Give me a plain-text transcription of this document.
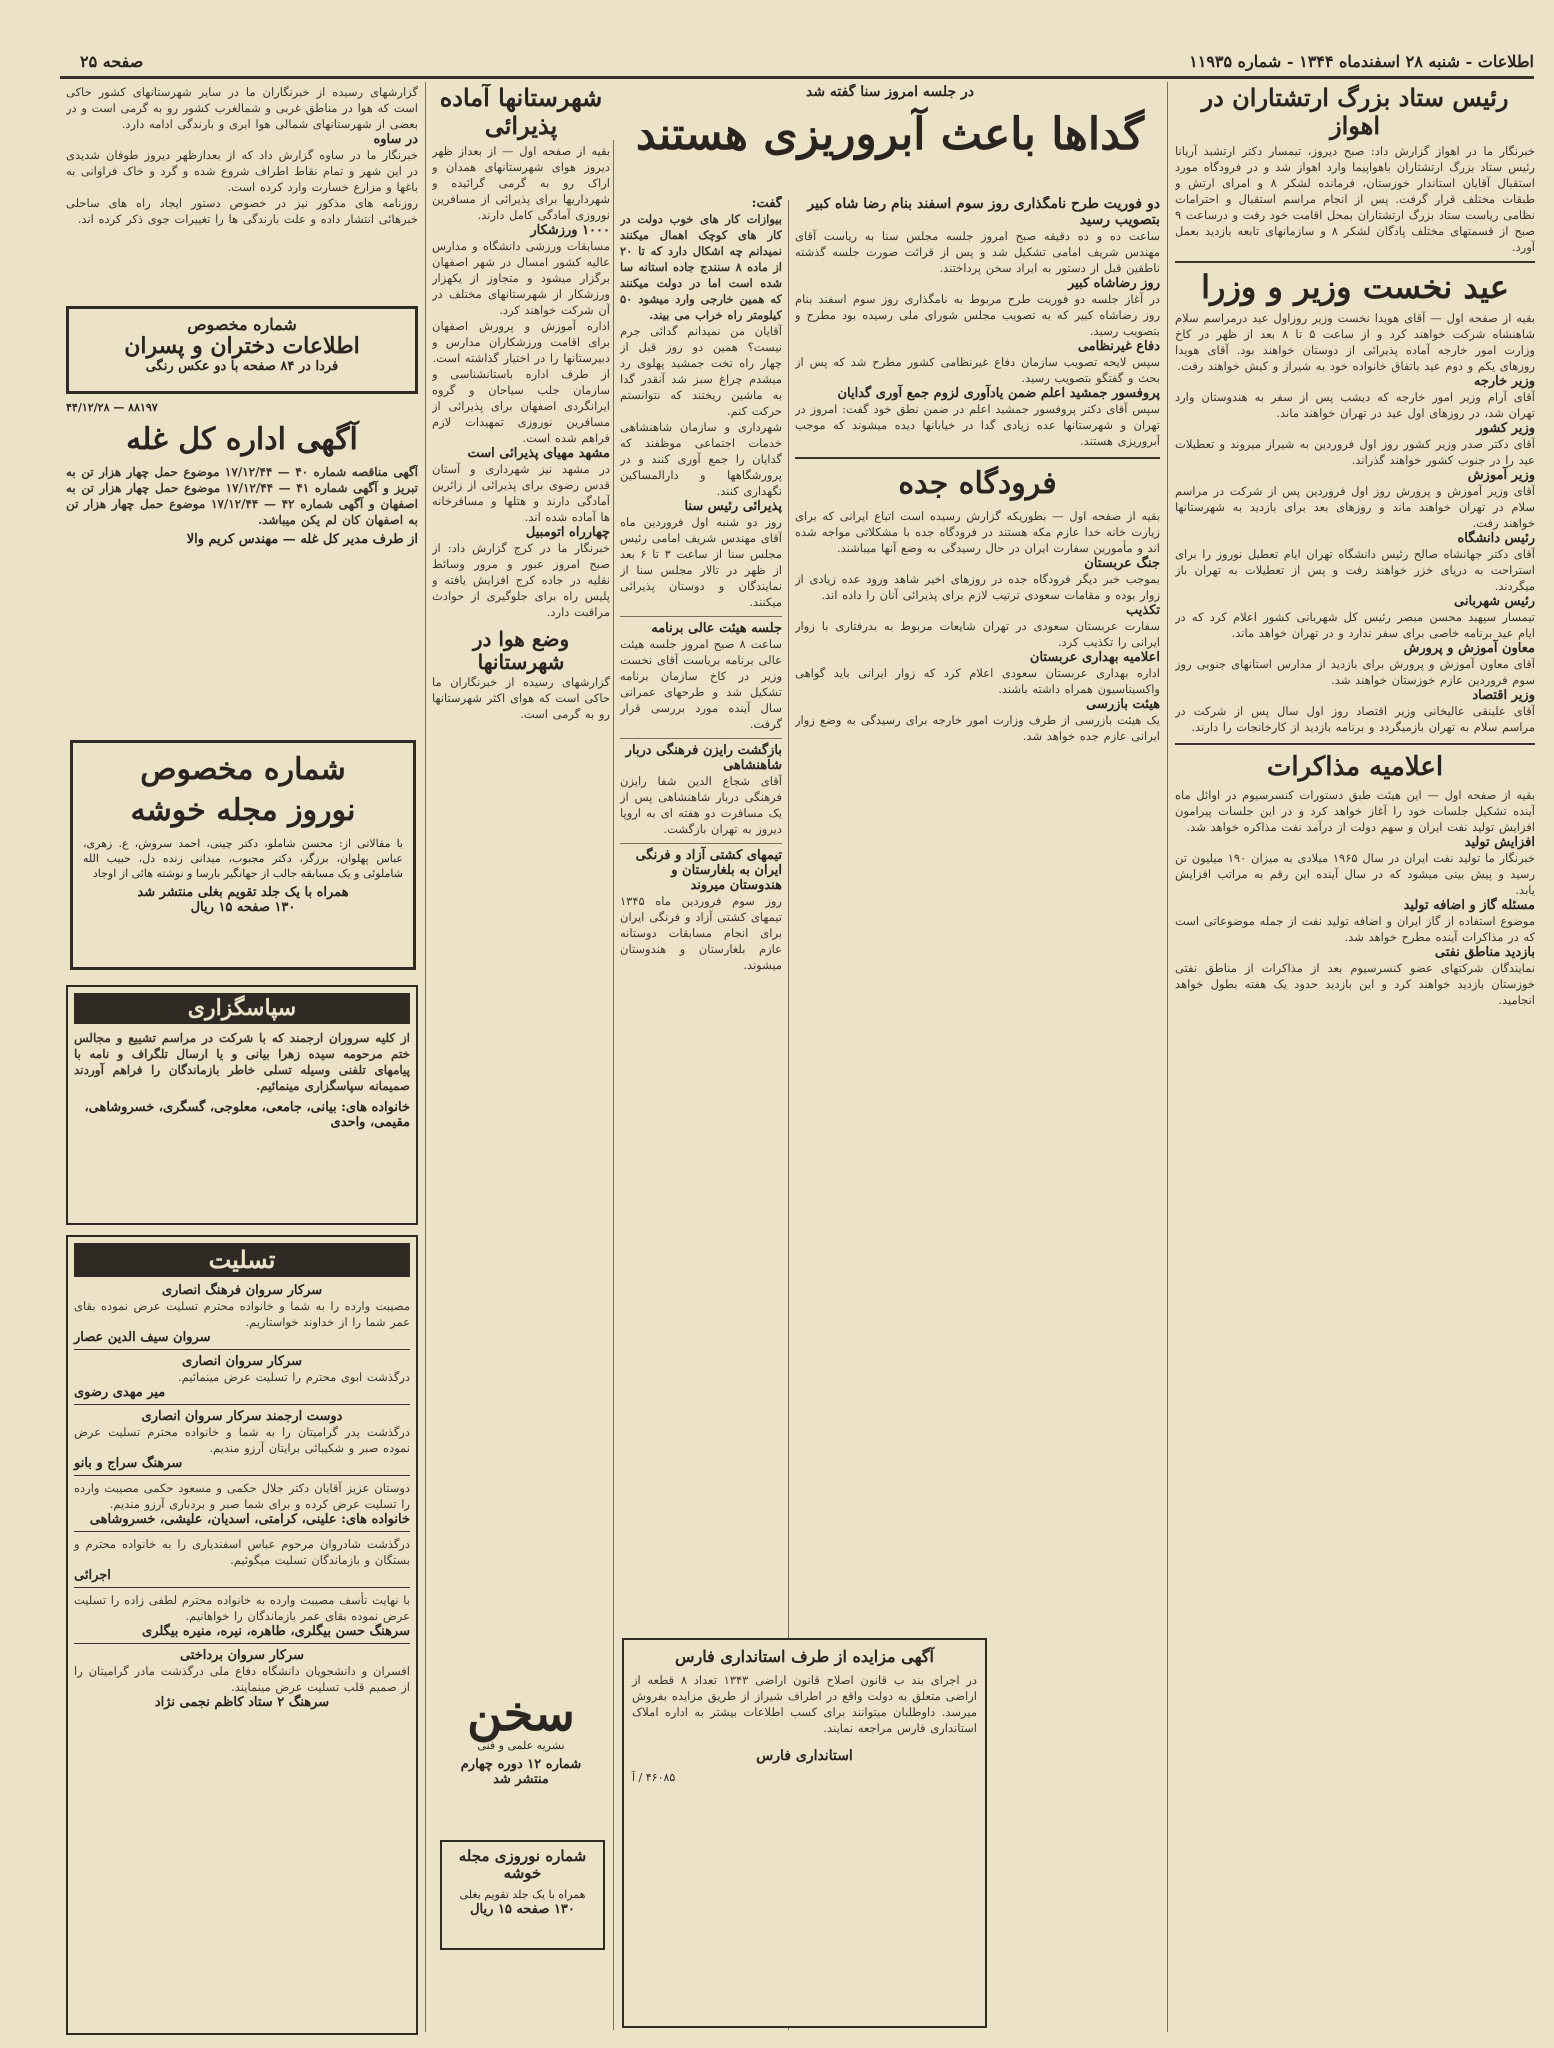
اطلاعات - شنبه ۲۸ اسفندماه ۱۳۴۴ - شماره ۱۱۹۳۵
صفحه ۲۵
رئیس ستاد بزرگ ارتشتاران در اهواز
خبرنگار ما در اهواز گزارش داد: صبح دیروز، تیمسار دکتر ارتشبد آریانا رئیس ستاد بزرگ ارتشتاران باهواپیما وارد اهواز شد و در فرودگاه مورد استقبال آقایان استاندار خوزستان، فرمانده لشکر ۸ و امرای ارتش و طبقات مختلف قرار گرفت. پس از انجام مراسم استقبال و احترامات نظامی ریاست ستاد بزرگ ارتشتاران بمحل اقامت خود رفت و درساعت ۹ صبح از قسمتهای مختلف پادگان لشکر ۸ و سازمانهای تابعه بازدید بعمل آورد.
عید نخست وزیر و وزرا
بقیه از صفحه اول — آقای هویدا نخست وزیر روزاول عید درمراسم سلام شاهنشاه شرکت خواهند کرد و از ساعت ۵ تا ۸ بعد از ظهر در کاخ وزارت امور خارجه آماده پذیرائی از دوستان خواهند بود. آقای هویدا روزهای یکم و دوم عید باتفاق خانواده خود به شیراز و کیش خواهند رفت.
وزیر خارجه
آقای آرام وزیر امور خارجه که دیشب پس از سفر به هندوستان وارد تهران شد، در روزهای اول عید در تهران خواهند ماند.
وزیر کشور
آقای دکتر صدر وزیر کشور روز اول فروردین به شیراز میروند و تعطیلات عید را در جنوب کشور خواهند گذراند.
وزیر آموزش
آقای وزیر آموزش و پرورش روز اول فروردین پس از شرکت در مراسم سلام در تهران خواهند ماند و روزهای بعد برای بازدید به شهرستانها خواهند رفت.
رئیس دانشگاه
آقای دکتر جهانشاه صالح رئیس دانشگاه تهران ایام تعطیل نوروز را برای استراحت به دریای خزر خواهند رفت و پس از تعطیلات به تهران باز میگردند.
رئیس شهربانی
تیمسار سپهبد محسن مبصر رئیس کل شهربانی کشور اعلام کرد که در ایام عید برنامه خاصی برای سفر ندارد و در تهران خواهد ماند.
معاون آموزش و پرورش
آقای معاون آموزش و پرورش برای بازدید از مدارس استانهای جنوبی روز سوم فروردین عازم خوزستان خواهند شد.
وزیر اقتصاد
آقای علینقی عالیخانی وزیر اقتصاد روز اول سال پس از شرکت در مراسم سلام به تهران بازمیگردد و برنامه بازدید از کارخانجات را دارند.
اعلامیه مذاکرات
بقیه از صفحه اول — این هیئت طبق دستورات کنسرسیوم در اوائل ماه آینده تشکیل جلسات خود را آغاز خواهد کرد و در این جلسات پیرامون افزایش تولید نفت ایران و سهم دولت از درآمد نفت مذاکره خواهد شد.
افزایش تولید
خبرنگار ما تولید نفت ایران در سال ۱۹۶۵ میلادی به میزان ۱۹۰ میلیون تن رسید و پیش بینی میشود که در سال آینده این رقم به مراتب افزایش یابد.
مسئله گاز و اضافه تولید
موضوع استفاده از گاز ایران و اضافه تولید نفت از جمله موضوعاتی است که در مذاکرات آینده مطرح خواهد شد.
بازدید مناطق نفتی
نمایندگان شرکتهای عضو کنسرسیوم بعد از مذاکرات از مناطق نفتی خوزستان بازدید خواهند کرد و این بازدید حدود یک هفته بطول خواهد انجامید.
در جلسه امروز سنا گفته شد
گداها باعث آبروریزی هستند
دو فوریت طرح نامگذاری روز سوم اسفند بنام رضا شاه کبیر بتصویب رسید
ساعت ده و ده دقیقه صبح امروز جلسه مجلس سنا به ریاست آقای مهندس شریف امامی تشکیل شد و پس از قرائت صورت جلسه گذشته ناطقین قبل از دستور به ایراد سخن پرداختند.
روز رضاشاه کبیر
در آغاز جلسه دو فوریت طرح مربوط به نامگذاری روز سوم اسفند بنام روز رضاشاه کبیر که به تصویب مجلس شورای ملی رسیده بود مطرح و بتصویب رسید.
دفاع غیرنظامی
سپس لایحه تصویب سازمان دفاع غیرنظامی کشور مطرح شد که پس از بحث و گفتگو بتصویب رسید.
پروفسور جمشید اعلم ضمن یادآوری لزوم جمع آوری گدایان
سپس آقای دکتر پروفسور جمشید اعلم در ضمن نطق خود گفت: امروز در تهران و شهرستانها عده زیادی گدا در خیابانها دیده میشوند که موجب آبروریزی هستند.
فرودگاه جده
بقیه از صفحه اول — بطوریکه گزارش رسیده است اتباع ایرانی که برای زیارت خانه خدا عازم مکه هستند در فرودگاه جده با مشکلاتی مواجه شده اند و مأمورین سفارت ایران در حال رسیدگی به وضع آنها میباشند.
جنگ عربستان
بموجب خبر دیگر فرودگاه جده در روزهای اخیر شاهد ورود عده زیادی از زوار بوده و مقامات سعودی ترتیب لازم برای پذیرائی آنان را داده اند.
تکذیب
سفارت عربستان سعودی در تهران شایعات مربوط به بدرفتاری با زوار ایرانی را تکذیب کرد.
اعلامیه بهداری عربستان
اداره بهداری عربستان سعودی اعلام کرد که زوار ایرانی باید گواهی واکسیناسیون همراه داشته باشند.
هیئت بازرسی
یک هیئت بازرسی از طرف وزارت امور خارجه برای رسیدگی به وضع زوار ایرانی عازم جده خواهد شد.
گفت:
بیوازات کار های خوب دولت در کار های کوچک اهمال میکنند نمیدانم چه اشکال دارد که تا ۲۰ از ماده ۸ سنندج جاده استانه سا شده است اما در دولت میکنند که همین خارجی وارد میشود ۵۰ کیلومتر راه خراب می بیند.
آقایان من نمیدانم گدائی جرم نیست؟ همین دو روز قبل از چهار راه تخت جمشید پهلوی رد میشدم چراغ سبز شد آنقدر گدا به ماشین ریختند که نتوانستم حرکت کنم.
شهرداری و سازمان شاهنشاهی خدمات اجتماعی موظفند که گدایان را جمع آوری کنند و در پرورشگاهها و دارالمساکین نگهداری کنند.
پذیرائی رئیس سنا
روز دو شنبه اول فروردین ماه آقای مهندس شریف امامی رئیس مجلس سنا از ساعت ۳ تا ۶ بعد از ظهر در تالار مجلس سنا از نمایندگان و دوستان پذیرائی میکنند.
جلسه هیئت عالی برنامه
ساعت ۸ صبح امروز جلسه هیئت عالی برنامه بریاست آقای نخست وزیر در کاخ سازمان برنامه تشکیل شد و طرحهای عمرانی سال آینده مورد بررسی قرار گرفت.
بازگشت رایزن فرهنگی دربار شاهنشاهی
آقای شجاع الدین شفا رایزن فرهنگی دربار شاهنشاهی پس از یک مسافرت دو هفته ای به اروپا دیروز به تهران بازگشت.
تیمهای کشتی آزاد و فرنگی ایران به بلغارستان و هندوستان میروند
روز سوم فروردین ماه ۱۳۴۵ تیمهای کشتی آزاد و فرنگی ایران برای انجام مسابقات دوستانه عازم بلغارستان و هندوستان میشوند.
آگهی مزایده از طرف استانداری فارس
در اجرای بند ب قانون اصلاح قانون اراضی ۱۳۴۳ تعداد ۸ قطعه از اراضی متعلق به دولت واقع در اطراف شیراز از طریق مزایده بفروش میرسد. داوطلبان میتوانند برای کسب اطلاعات بیشتر به اداره املاک استانداری فارس مراجعه نمایند.
استانداری فارس
۴۶۰۸۵ / آ
شهرستانها آماده پذیرائی
بقیه از صفحه اول — از بعداز ظهر دیروز هوای شهرستانهای همدان و اراک رو به گرمی گرائیده و شهرداریها برای پذیرائی از مسافرین نوروزی آمادگی کامل دارند.
۱۰۰۰ ورزشکار
مسابقات ورزشی دانشگاه و مدارس عالیه کشور امسال در شهر اصفهان برگزار میشود و متجاوز از یکهزار ورزشکار از شهرستانهای مختلف در آن شرکت خواهند کرد.
اداره آموزش و پرورش اصفهان برای اقامت ورزشکاران مدارس و دبیرستانها را در اختیار گذاشته است.
از طرف اداره باستانشناسی و سازمان جلب سیاحان و گروه ایرانگردی اصفهان برای پذیرائی از مسافرین نوروزی تمهیدات لازم فراهم شده است.
مشهد مهیای پذیرائی است
در مشهد نیز شهرداری و آستان قدس رضوی برای پذیرائی از زائرین آمادگی دارند و هتلها و مسافرخانه ها آماده شده اند.
چهارراه اتومبیل
خبرنگار ما در کرج گزارش داد: از صبح امروز عبور و مرور وسائط نقلیه در جاده کرج افزایش یافته و پلیس راه برای جلوگیری از حوادث مراقبت دارد.
وضع هوا در شهرستانها
گزارشهای رسیده از خبرنگاران ما حاکی است که هوای اکثر شهرستانها رو به گرمی است.
سخن
نشریه علمی و فنی
شماره ۱۲ دوره چهارم
منتشر شد
شماره نوروزی مجله خوشه
همراه با یک جلد تقویم بغلی
۱۳۰ صفحه ۱۵ ریال
گزارشهای رسیده از خبرنگاران ما در سایر شهرستانهای کشور حاکی است که هوا در مناطق غربی و شمالغرب کشور رو به گرمی است و در بعضی از شهرستانهای شمالی هوا ابری و بارندگی ادامه دارد.
در ساوه
خبرنگار ما در ساوه گزارش داد که از بعدازظهر دیروز طوفان شدیدی در این شهر و تمام نقاط اطراف شروع شده و گرد و خاک فراوانی به باغها و مزارع خسارت وارد کرده است.
روزنامه های مذکور نیز در خصوص دستور ایجاد راه های ساحلی خبرهائی انتشار داده و علت بارندگی ها را تغییرات جوی ذکر کرده اند.
شماره مخصوص
اطلاعات دختران و پسران
فردا در ۸۴ صفحه با دو عکس رنگی
۸۸۱۹۷ — ۴۴/۱۲/۲۸
آگهی اداره کل غله
آگهی مناقصه شماره ۴۰ — ۱۷/۱۲/۴۴ موضوع حمل چهار هزار تن به تبریز و آگهی شماره ۴۱ — ۱۷/۱۲/۴۴ موضوع حمل چهار هزار تن به اصفهان و آگهی شماره ۴۲ — ۱۷/۱۲/۴۴ موضوع حمل چهار هزار تن به اصفهان کان لم یکن میباشد.
از طرف مدیر کل غله — مهندس کریم والا
شماره مخصوص
نوروز مجله خوشه
با مقالاتی از: محسن شاملو، دکتر چینی، احمد سروش، ع. زهری، عباس پهلوان، برزگر، دکتر مجبوب، میدانی زنده دل، حبیب الله شاملوئی و یک مسابقه جالب از جهانگیر بارسا و نوشته هائی از اوجاد
همراه با یک جلد تقویم بغلی منتشر شد
۱۳۰ صفحه ۱۵ ریال
سپاسگزاری
از کلیه سروران ارجمند که با شرکت در مراسم تشییع و مجالس ختم مرحومه سیده زهرا بیانی و یا ارسال تلگراف و نامه با پیامهای تلفنی وسیله تسلی خاطر بازماندگان را فراهم آوردند صمیمانه سپاسگزاری مینمائیم.
خانواده های: بیانی، جامعی، معلوجی، گسگری، خسروشاهی، مقیمی، واحدی
تسلیت
سرکار سروان فرهنگ انصاری
مصیبت وارده را به شما و خانواده محترم تسلیت عرض نموده بقای عمر شما را از خداوند خواستاریم.
سروان سیف الدین عصار
سرکار سروان انصاری
درگذشت ابوی محترم را تسلیت عرض مینمائیم.
میر مهدی رضوی
دوست ارجمند سرکار سروان انصاری
درگذشت پدر گرامیتان را به شما و خانواده محترم تسلیت عرض نموده صبر و شکیبائی برایتان آرزو مندیم.
سرهنگ سراج و بانو
دوستان عزیز آقایان دکتر جلال حکمی و مسعود حکمی مصیبت وارده را تسلیت عرض کرده و برای شما صبر و بردباری آرزو مندیم.
خانواده های: علینی، کرامتی، اسدیان، علیشی، خسروشاهی
درگذشت شادروان مرحوم عباس اسفندیاری را به خانواده محترم و بستگان و بازماندگان تسلیت میگوئیم.
اجرائی
با نهایت تأسف مصیبت وارده به خانواده محترم لطفی زاده را تسلیت عرض نموده بقای عمر بازماندگان را خواهانیم.
سرهنگ حسن بیگلری، طاهره، نیره، منیره بیگلری
سرکار سروان برداختی
افسران و دانشجویان دانشگاه دفاع ملی درگذشت مادر گرامیتان را از صمیم قلب تسلیت عرض مینمایند.
سرهنگ ۲ ستاد کاظم نجمی نژاد
